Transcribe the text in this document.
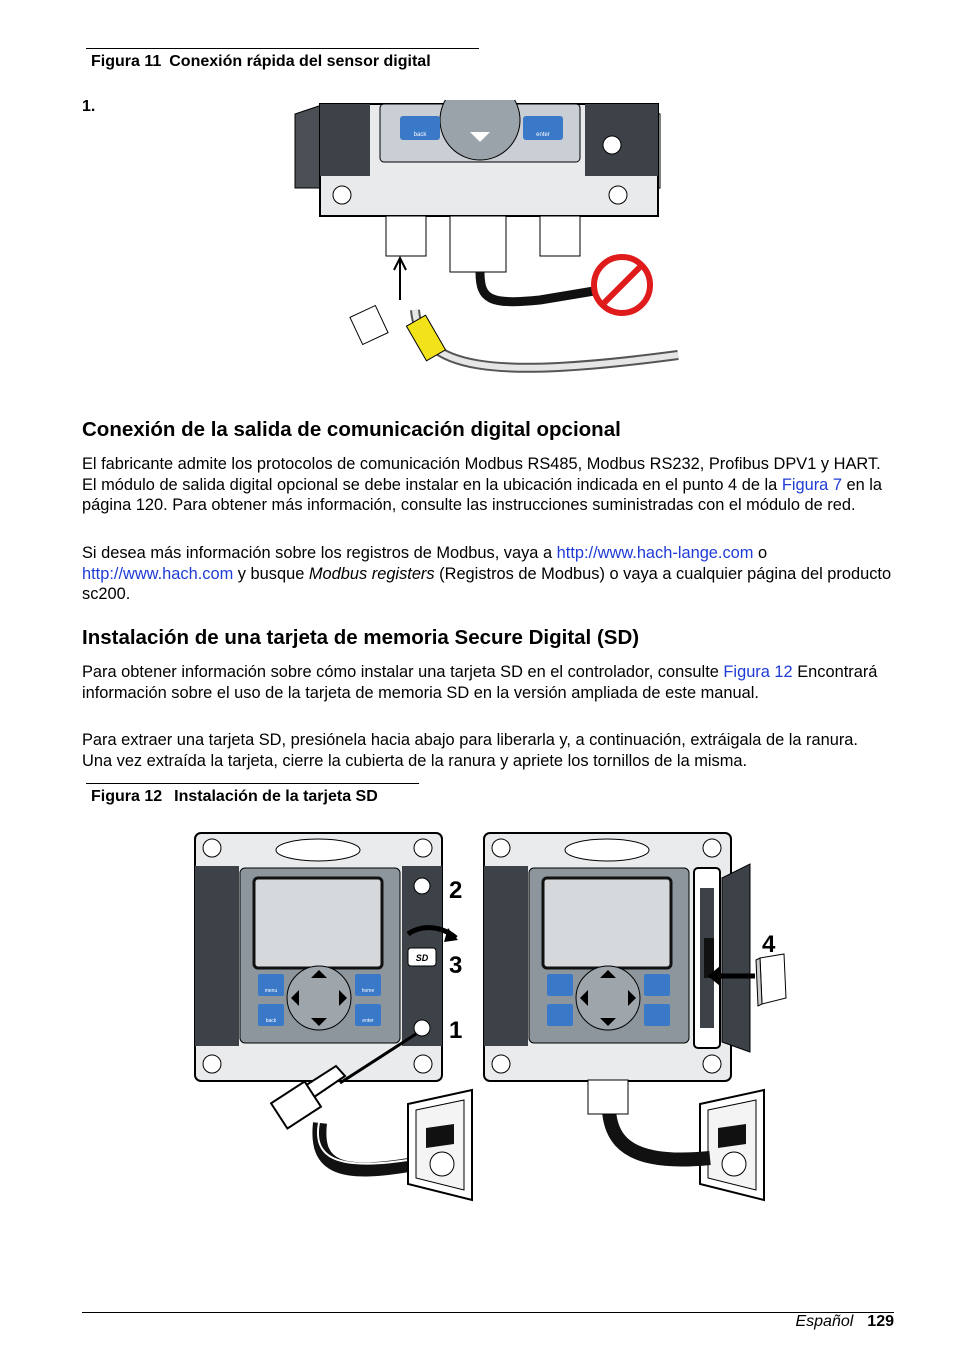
Figura 11 Conexión rápida del sensor digital
1.
back	enter
Conexión de la salida de comunicación digital opcional

El fabricante admite los protocolos de comunicación Modbus RS485, Modbus RS232, Profibus DPV1 y HART. El módulo de salida digital opcional se debe instalar en la ubicación indicada en el punto 4 de la Figura 7 en la página 120. Para obtener más información, consulte las instrucciones suministradas con el módulo de red.

Si desea más información sobre los registros de Modbus, vaya a http://www.hach-lange.com o http://www.hach.com y busque Modbus registers (Registros de Modbus) o vaya a cualquier página del producto sc200.

Instalación de una tarjeta de memoria Secure Digital (SD)

Para obtener información sobre cómo instalar una tarjeta SD en el controlador, consulte Figura 12 Encontrará información sobre el uso de la tarjeta de memoria SD en la versión ampliada de este manual.

Para extraer una tarjeta SD, presiónela hacia abajo para liberarla y, a continuación, extráigala de la ranura. Una vez extraída la tarjeta, cierre la cubierta de la ranura y apriete los tornillos de la misma.

Figura 12 Instalación de la tarjeta SD
menu	home
back	enter
SD
1
2
3
4
Español 129
